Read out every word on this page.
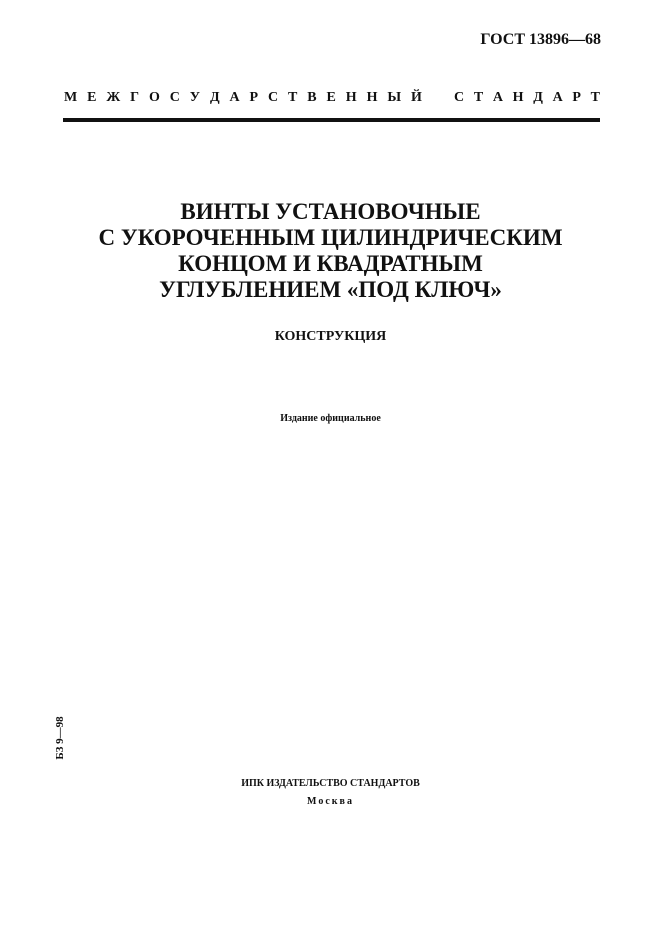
ГОСТ 13896—68
М Е Ж Г О С У Д А Р С Т В Е Н Н Ы Й С Т А Н Д А Р Т
ВИНТЫ УСТАНОВОЧНЫЕ
С УКОРОЧЕННЫМ ЦИЛИНДРИЧЕСКИМ
КОНЦОМ И КВАДРАТНЫМ
УГЛУБЛЕНИЕМ «ПОД КЛЮЧ»
КОНСТРУКЦИЯ
Издание официальное
БЗ 9—98
ИПК ИЗДАТЕЛЬСТВО СТАНДАРТОВ
Москва
